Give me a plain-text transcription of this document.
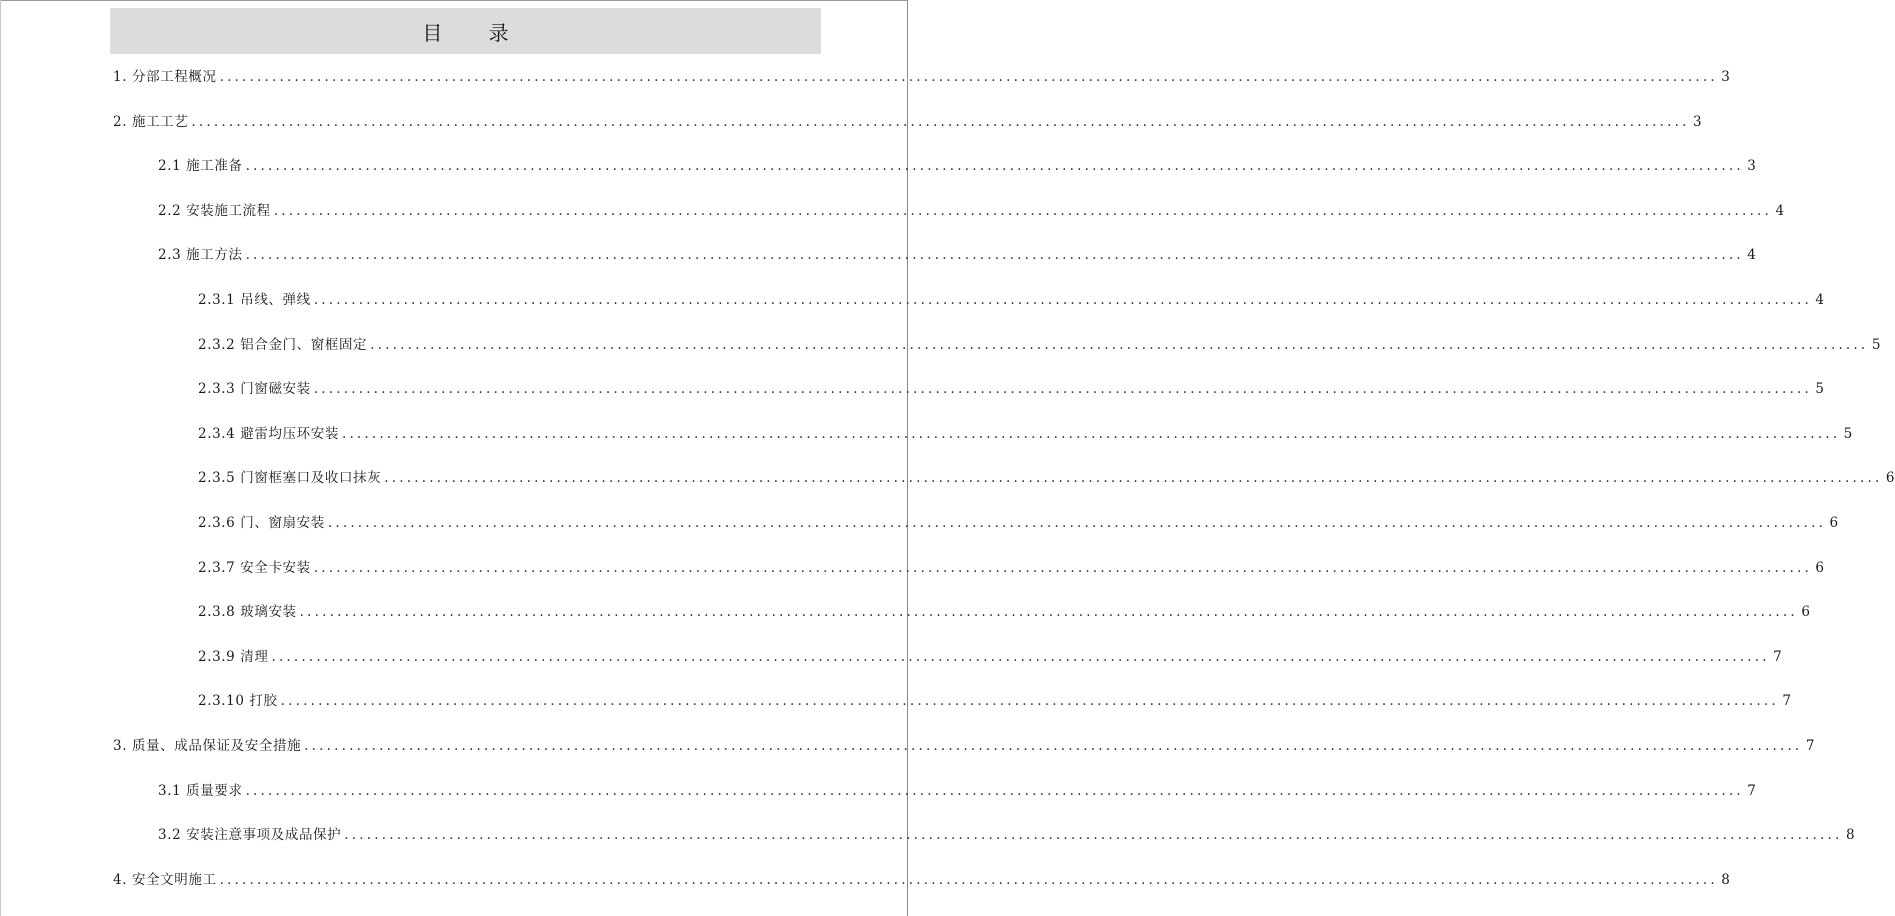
目 录
1. 分部工程概况 ........................................................................................................................................................................................................ 3
2. 施工工艺 ........................................................................................................................................................................................................ 3
2.1 施工准备 ........................................................................................................................................................................................................ 3
2.2 安装施工流程 ........................................................................................................................................................................................................ 4
2.3 施工方法 ........................................................................................................................................................................................................ 4
2.3.1 吊线、弹线 ........................................................................................................................................................................................................ 4
2.3.2 铝合金门、窗框固定 ........................................................................................................................................................................................................ 5
2.3.3 门窗磁安装 ........................................................................................................................................................................................................ 5
2.3.4 避雷均压环安装 ........................................................................................................................................................................................................ 5
2.3.5 门窗框塞口及收口抹灰 ........................................................................................................................................................................................................ 6
2.3.6 门、窗扇安装 ........................................................................................................................................................................................................ 6
2.3.7 安全卡安装 ........................................................................................................................................................................................................ 6
2.3.8 玻璃安装 ........................................................................................................................................................................................................ 6
2.3.9 清理 ........................................................................................................................................................................................................ 7
2.3.10 打胶 ........................................................................................................................................................................................................ 7
3. 质量、成品保证及安全措施 ........................................................................................................................................................................................................ 7
3.1 质量要求 ........................................................................................................................................................................................................ 7
3.2 安装注意事项及成品保护 ........................................................................................................................................................................................................ 8
4. 安全文明施工 ........................................................................................................................................................................................................ 8
